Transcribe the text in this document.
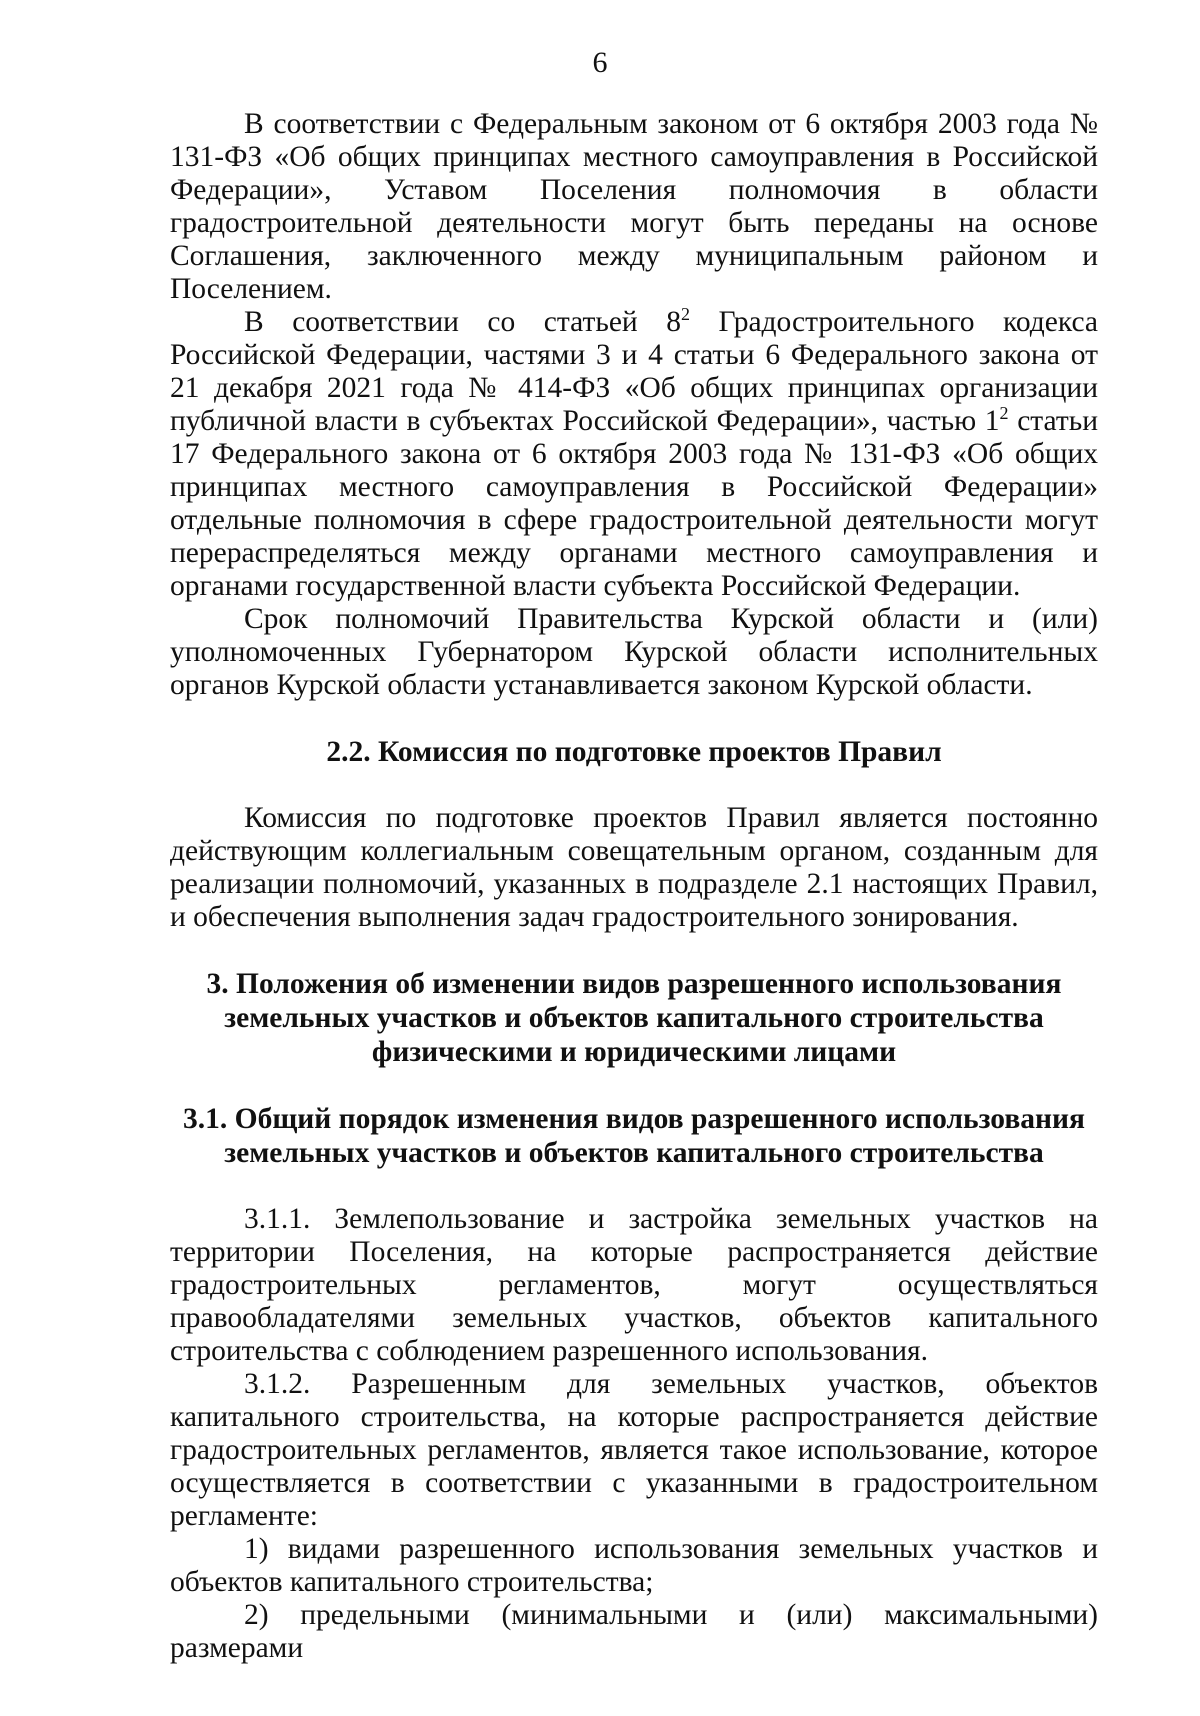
6

В соответствии с Федеральным законом от 6 октября 2003 года № 131-ФЗ «Об общих принципах местного самоуправления в Российской Федерации», Уставом Поселения полномочия в области градостроительной деятельности могут быть переданы на основе Соглашения, заключенного между муниципальным районом и Поселением.

В соответствии со статьей $8^2$ Градостроительного кодекса Российской Федерации, частями 3 и 4 статьи 6 Федерального закона от 21 декабря 2021 года № 414-ФЗ «Об общих принципах организации публичной власти в субъектах Российской Федерации», частью $1^2$ статьи 17 Федерального закона от 6 октября 2003 года № 131-ФЗ «Об общих принципах местного самоуправления в Российской Федерации» отдельные полномочия в сфере градостроительной деятельности могут перераспределяться между органами местного самоуправления и органами государственной власти субъекта Российской Федерации.

Срок полномочий Правительства Курской области и (или) уполномоченных Губернатором Курской области исполнительных органов Курской области устанавливается законом Курской области.

2.2. Комиссия по подготовке проектов Правил

Комиссия по подготовке проектов Правил является постоянно действующим коллегиальным совещательным органом, созданным для реализации полномочий, указанных в подразделе 2.1 настоящих Правил, и обеспечения выполнения задач градостроительного зонирования.

3. Положения об изменении видов разрешенного использования

земельных участков и объектов капитального строительства

физическими и юридическими лицами

3.1. Общий порядок изменения видов разрешенного использования

земельных участков и объектов капитального строительства

3.1.1. Землепользование и застройка земельных участков на территории Поселения, на которые распространяется действие градостроительных регламентов, могут осуществляться правообладателями земельных участков, объектов капитального строительства с соблюдением разрешенного использования.

3.1.2. Разрешенным для земельных участков, объектов капитального строительства, на которые распространяется действие градостроительных регламентов, является такое использование, которое осуществляется в соответствии с указанными в градостроительном регламенте:

1) видами разрешенного использования земельных участков и объектов капитального строительства;

2) предельными (минимальными и (или) максимальными) размерами
